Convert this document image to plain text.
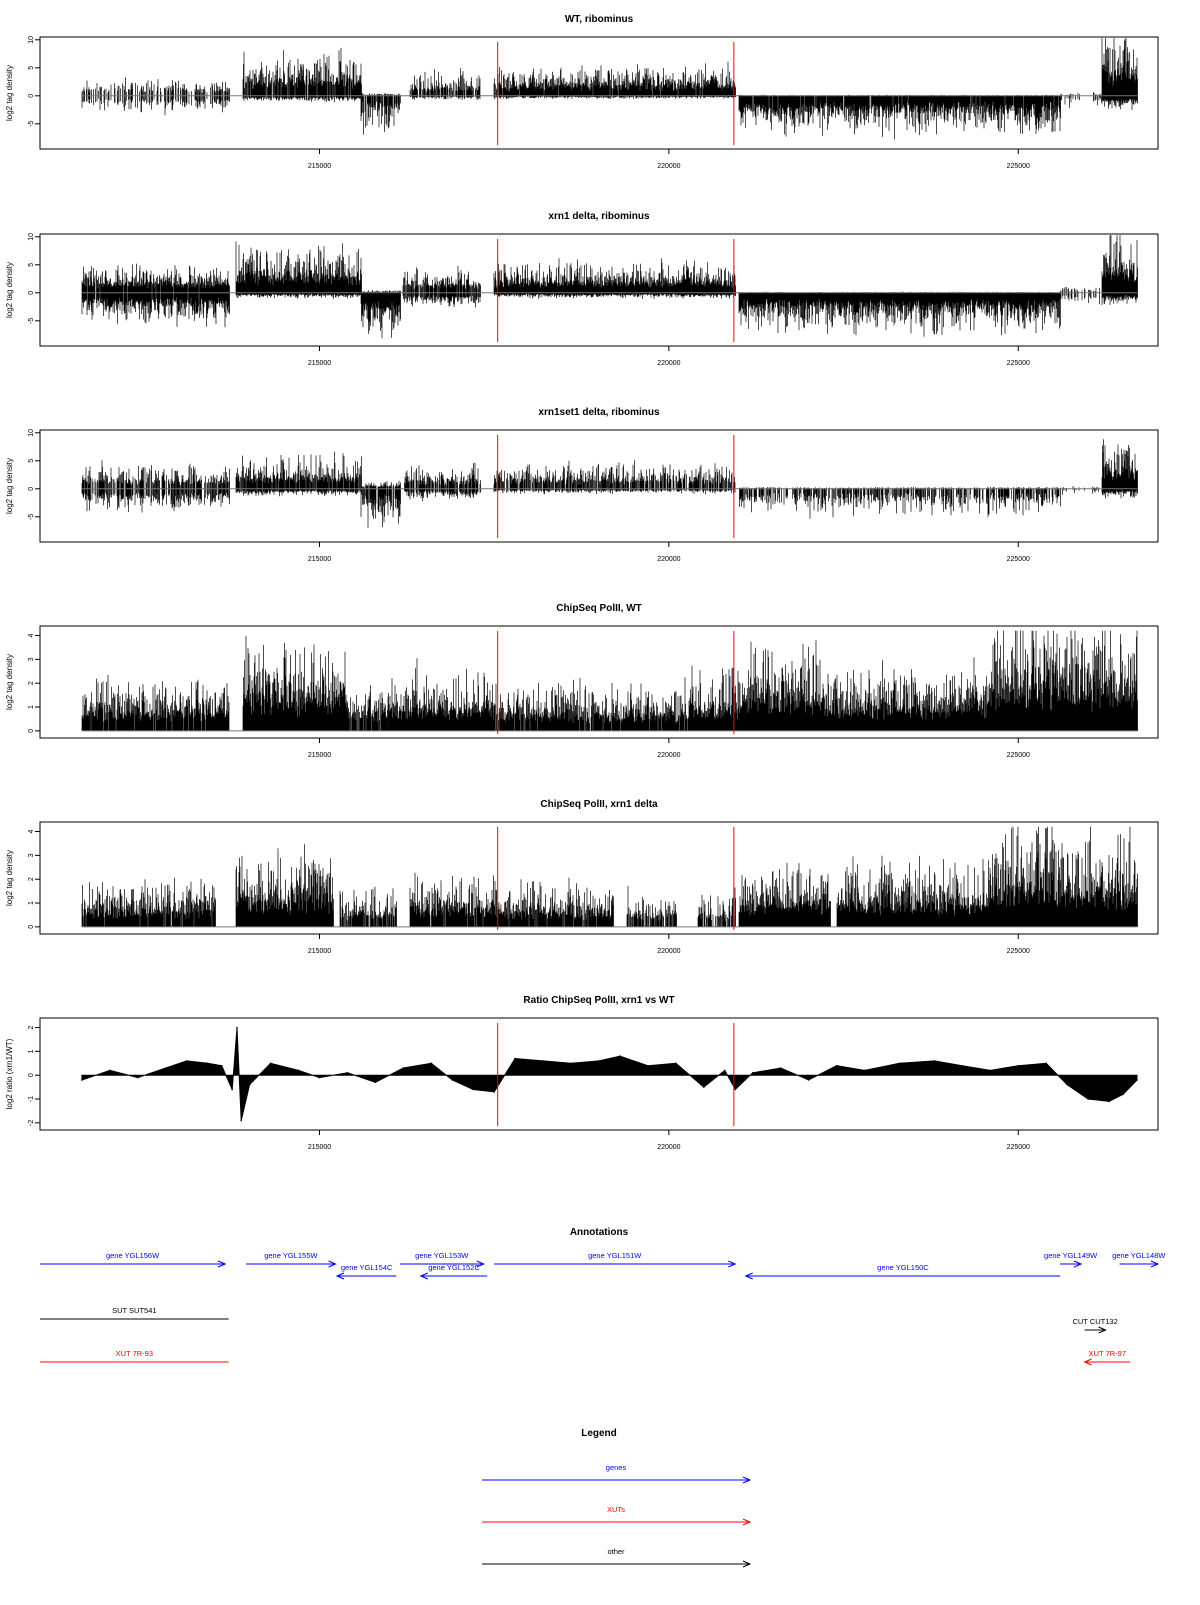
WT, ribominus
log2 tag density
-5
0
5
10
215000	220000	225000
xrn1 delta, ribominus
log2 tag density
-5
0
5
10
215000	220000	225000
xrn1set1 delta, ribominus
log2 tag density
-5
0
5
10
215000	220000	225000
ChipSeq PolII, WT
log2 tag density
0
1
2
3
4
215000	220000	225000
ChipSeq PolII, xrn1 delta
log2 tag density
0
1
2
3
4
215000	220000	225000
Ratio ChipSeq PolII, xrn1 vs WT
log2 ratio (xrn1/WT)
-2
-1
0
1
2
215000	220000	225000
Annotations
gene YGL156W	gene YGL155W
gene YGL154C
gene YGL153W
gene YGL152C
gene YGL151W
gene YGL150C
gene YGL149W gene YGL148W
SUT SUT541
CUT CUT132
XUT 7R-93	XUT 7R-97
Legend
genes
XUTs
other
